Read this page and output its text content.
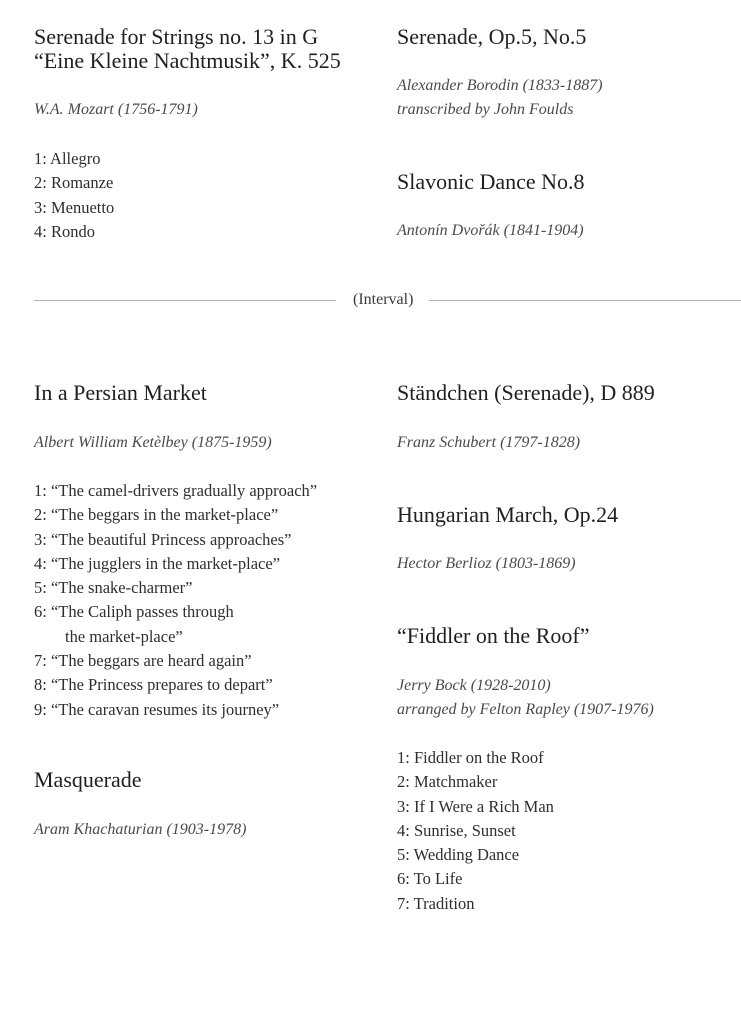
Serenade for Strings no. 13 in G
“Eine Kleine Nachtmusik”, K. 525
W.A. Mozart (1756-1791)
1: Allegro
2: Romanze
3: Menuetto
4: Rondo
Serenade, Op.5, No.5
Alexander Borodin (1833-1887)
transcribed by John Foulds
Slavonic Dance No.8
Antonín Dvořák (1841-1904)
(Interval)
In a Persian Market
Albert William Ketèlbey (1875-1959)
1: “The camel-drivers gradually approach”
2: “The beggars in the market-place”
3: “The beautiful Princess approaches”
4: “The jugglers in the market-place”
5: “The snake-charmer”
6: “The Caliph passes through
the market-place”
7: “The beggars are heard again”
8: “The Princess prepares to depart”
9: “The caravan resumes its journey”
Masquerade
Aram Khachaturian (1903-1978)
Ständchen (Serenade), D 889
Franz Schubert (1797-1828)
Hungarian March, Op.24
Hector Berlioz (1803-1869)
“Fiddler on the Roof”
Jerry Bock (1928-2010)
arranged by Felton Rapley (1907-1976)
1: Fiddler on the Roof
2: Matchmaker
3: If I Were a Rich Man
4: Sunrise, Sunset
5: Wedding Dance
6: To Life
7: Tradition
